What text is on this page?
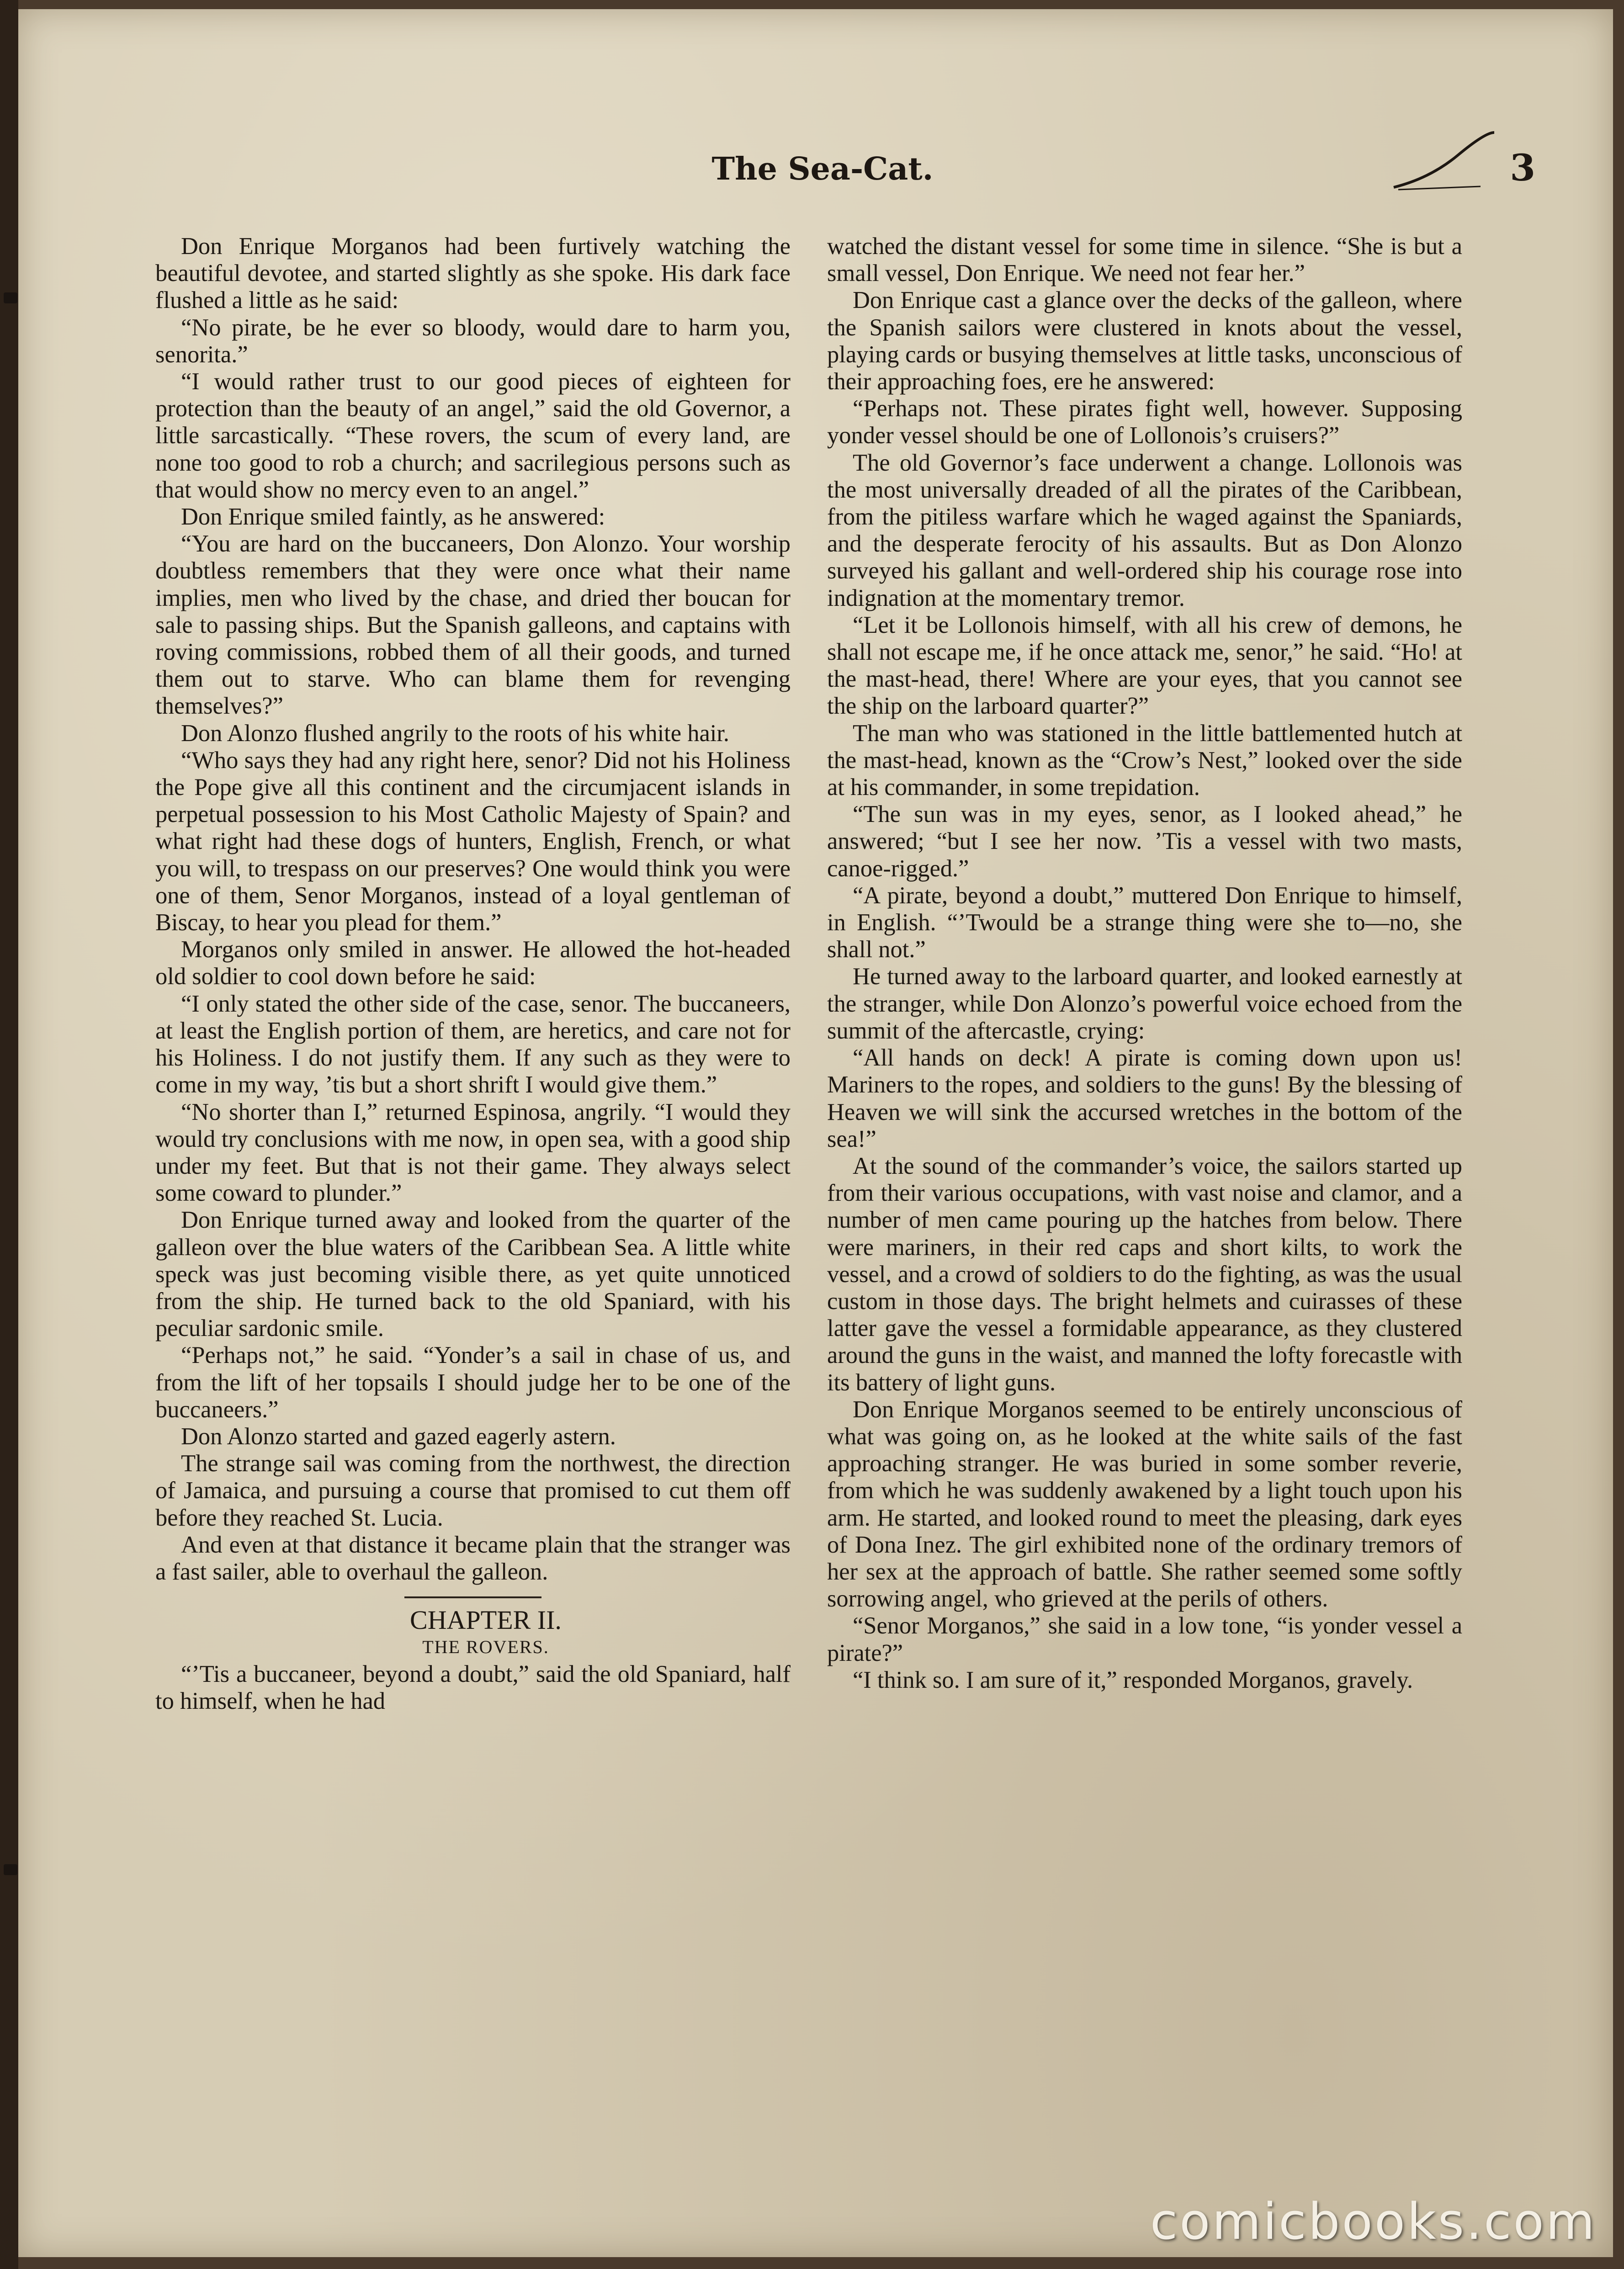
The Sea-Cat.	3

Don Enrique Morganos had been furtively watching the beautiful devotee, and started slightly as she spoke. His dark face flushed a little as he said:

“No pirate, be he ever so bloody, would dare to harm you, senorita.”

“I would rather trust to our good pieces of eighteen for protection than the beauty of an angel,” said the old Governor, a little sarcastically. “These rovers, the scum of every land, are none too good to rob a church; and sacrilegious persons such as that would show no mercy even to an angel.”

Don Enrique smiled faintly, as he answered:

“You are hard on the buccaneers, Don Alonzo. Your worship doubtless remembers that they were once what their name implies, men who lived by the chase, and dried ther boucan for sale to passing ships. But the Spanish galleons, and captains with roving commissions, robbed them of all their goods, and turned them out to starve. Who can blame them for revenging themselves?”

Don Alonzo flushed angrily to the roots of his white hair.

“Who says they had any right here, senor? Did not his Holiness the Pope give all this continent and the circumjacent islands in perpetual possession to his Most Catholic Majesty of Spain? and what right had these dogs of hunters, English, French, or what you will, to trespass on our preserves? One would think you were one of them, Senor Morganos, instead of a loyal gentleman of Biscay, to hear you plead for them.”

Morganos only smiled in answer. He allowed the hot-headed old soldier to cool down before he said:

“I only stated the other side of the case, senor. The buccaneers, at least the English portion of them, are heretics, and care not for his Holiness. I do not justify them. If any such as they were to come in my way, ’tis but a short shrift I would give them.”

“No shorter than I,” returned Espinosa, angrily. “I would they would try conclusions with me now, in open sea, with a good ship under my feet. But that is not their game. They always select some coward to plunder.”

Don Enrique turned away and looked from the quarter of the galleon over the blue waters of the Caribbean Sea. A little white speck was just becoming visible there, as yet quite unnoticed from the ship. He turned back to the old Spaniard, with his peculiar sardonic smile.

“Perhaps not,” he said. “Yonder’s a sail in chase of us, and from the lift of her topsails I should judge her to be one of the buccaneers.”

Don Alonzo started and gazed eagerly astern.

The strange sail was coming from the northwest, the direction of Jamaica, and pursuing a course that promised to cut them off before they reached St. Lucia.

And even at that distance it became plain that the stranger was a fast sailer, able to overhaul the galleon.

CHAPTER II.

THE ROVERS.

“’Tis a buccaneer, beyond a doubt,” said the old Spaniard, half to himself, when he had

watched the distant vessel for some time in silence. “She is but a small vessel, Don Enrique. We need not fear her.”

Don Enrique cast a glance over the decks of the galleon, where the Spanish sailors were clustered in knots about the vessel, playing cards or busying themselves at little tasks, unconscious of their approaching foes, ere he answered:

“Perhaps not. These pirates fight well, however. Supposing yonder vessel should be one of Lollonois’s cruisers?”

The old Governor’s face underwent a change. Lollonois was the most universally dreaded of all the pirates of the Caribbean, from the pitiless warfare which he waged against the Spaniards, and the desperate ferocity of his assaults. But as Don Alonzo surveyed his gallant and well-ordered ship his courage rose into indignation at the momentary tremor.

“Let it be Lollonois himself, with all his crew of demons, he shall not escape me, if he once attack me, senor,” he said. “Ho! at the mast-head, there! Where are your eyes, that you cannot see the ship on the larboard quarter?”

The man who was stationed in the little battlemented hutch at the mast-head, known as the “Crow’s Nest,” looked over the side at his commander, in some trepidation.

“The sun was in my eyes, senor, as I looked ahead,” he answered; “but I see her now. ’Tis a vessel with two masts, canoe-rigged.”

“A pirate, beyond a doubt,” muttered Don Enrique to himself, in English. “’Twould be a strange thing were she to—no, she shall not.”

He turned away to the larboard quarter, and looked earnestly at the stranger, while Don Alonzo’s powerful voice echoed from the summit of the aftercastle, crying:

“All hands on deck! A pirate is coming down upon us! Mariners to the ropes, and soldiers to the guns! By the blessing of Heaven we will sink the accursed wretches in the bottom of the sea!”

At the sound of the commander’s voice, the sailors started up from their various occupations, with vast noise and clamor, and a number of men came pouring up the hatches from below. There were mariners, in their red caps and short kilts, to work the vessel, and a crowd of soldiers to do the fighting, as was the usual custom in those days. The bright helmets and cuirasses of these latter gave the vessel a formidable appearance, as they clustered around the guns in the waist, and manned the lofty forecastle with its battery of light guns.

Don Enrique Morganos seemed to be entirely unconscious of what was going on, as he looked at the white sails of the fast approaching stranger. He was buried in some somber reverie, from which he was suddenly awakened by a light touch upon his arm. He started, and looked round to meet the pleasing, dark eyes of Dona Inez. The girl exhibited none of the ordinary tremors of her sex at the approach of battle. She rather seemed some softly sorrowing angel, who grieved at the perils of others.

“Senor Morganos,” she said in a low tone, “is yonder vessel a pirate?”

“I think so. I am sure of it,” responded Morganos, gravely.

comicbooks.com
